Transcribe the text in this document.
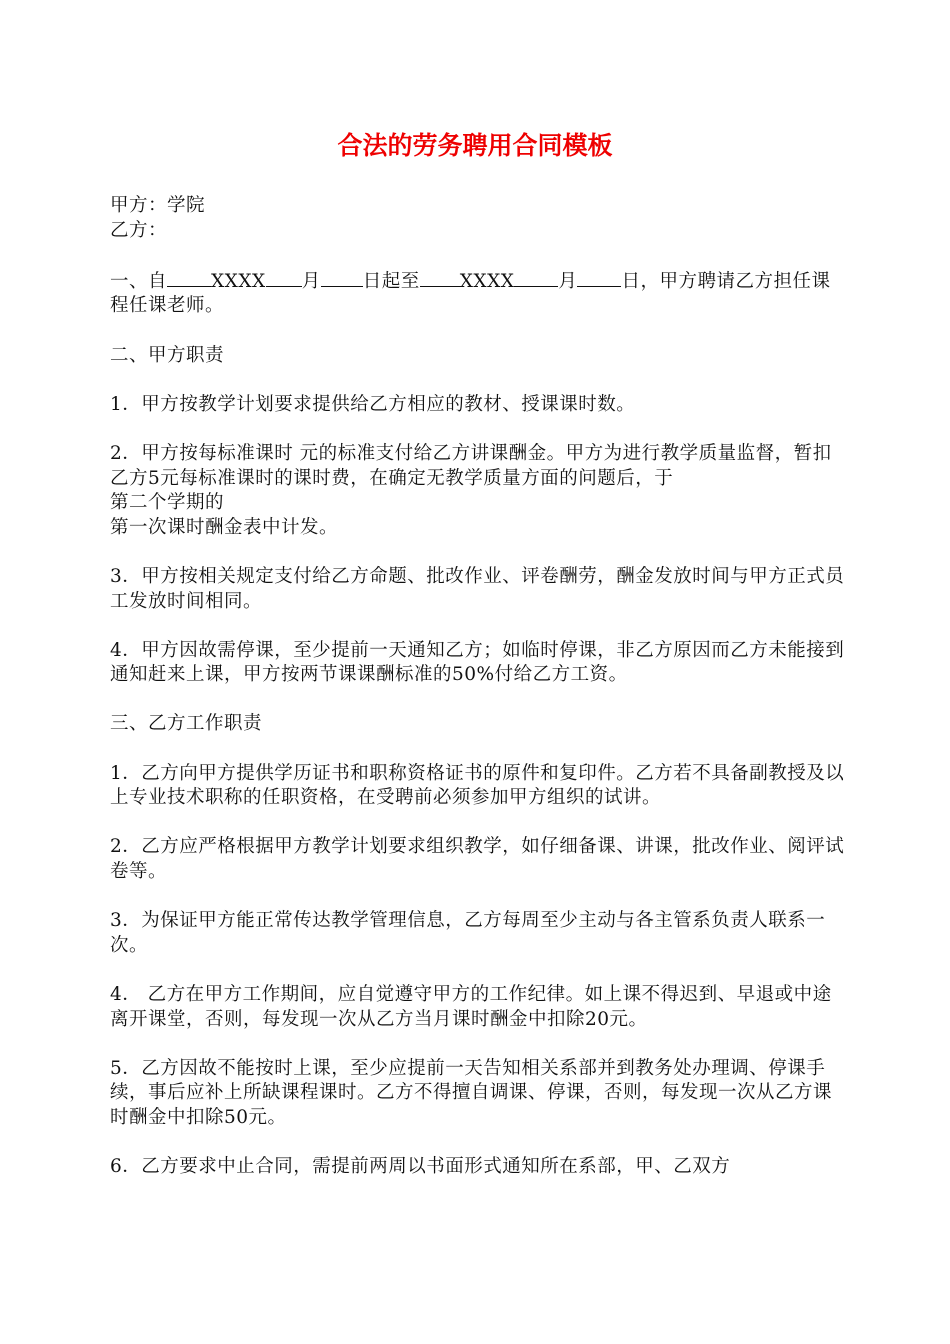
合法的劳务聘用合同模板

甲方：学院

乙方：

一、自 XXXX 月 日起至 XXXX 月 日，甲方聘请乙方担任课程任课老师。

二、甲方职责

1．甲方按教学计划要求提供给乙方相应的教材、授课课时数。

2．甲方按每标准课时 元的标准支付给乙方讲课酬金。甲方为进行教学质量监督，暂扣乙方5元每标准课时的课时费，在确定无教学质量方面的问题后，于

第二个学期的

第一次课时酬金表中计发。

3．甲方按相关规定支付给乙方命题、批改作业、评卷酬劳，酬金发放时间与甲方正式员工发放时间相同。

4．甲方因故需停课，至少提前一天通知乙方；如临时停课，非乙方原因而乙方未能接到通知赶来上课，甲方按两节课课酬标准的50%付给乙方工资。

三、乙方工作职责

1．乙方向甲方提供学历证书和职称资格证书的原件和复印件。乙方若不具备副教授及以上专业技术职称的任职资格，在受聘前必须参加甲方组织的试讲。

2．乙方应严格根据甲方教学计划要求组织教学，如仔细备课、讲课，批改作业、阅评试卷等。

3．为保证甲方能正常传达教学管理信息，乙方每周至少主动与各主管系负责人联系一次。

4． 乙方在甲方工作期间，应自觉遵守甲方的工作纪律。如上课不得迟到、早退或中途离开课堂，否则，每发现一次从乙方当月课时酬金中扣除20元。

5．乙方因故不能按时上课，至少应提前一天告知相关系部并到教务处办理调、停课手续，事后应补上所缺课程课时。乙方不得擅自调课、停课，否则，每发现一次从乙方课时酬金中扣除50元。

6．乙方要求中止合同，需提前两周以书面形式通知所在系部，甲、乙双方
